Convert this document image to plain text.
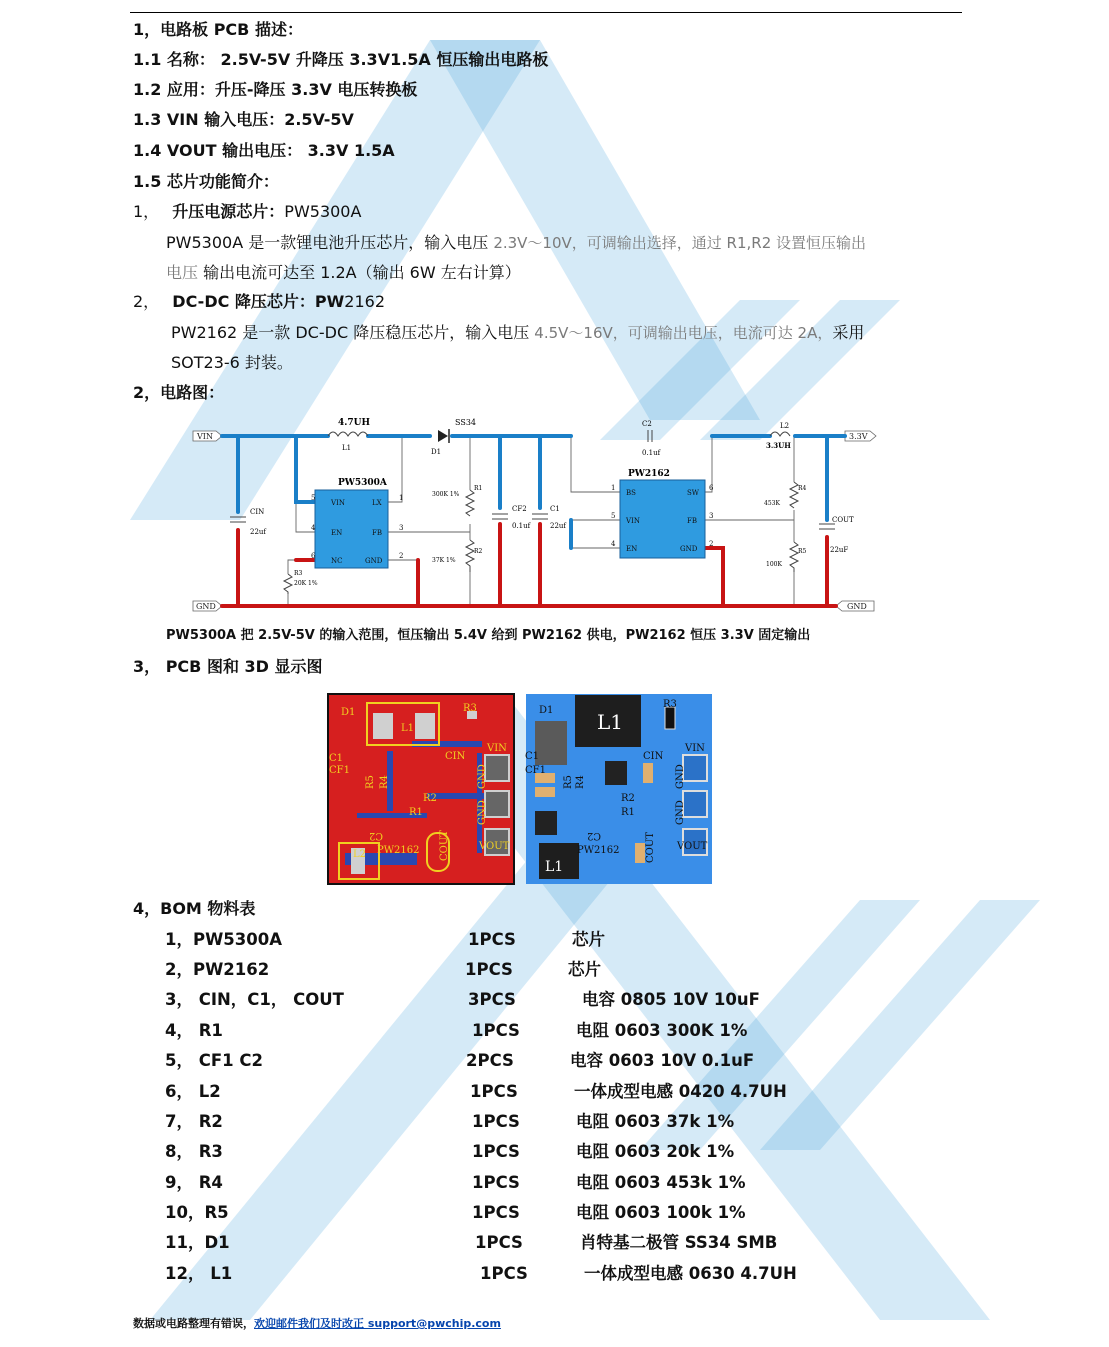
1，电路板 PCB 描述：
1.1 名称： 2.5V-5V 升降压 3.3V1.5A 恒压输出电路板
1.2 应用：升压-降压 3.3V 电压转换板
1.3 VIN 输入电压：2.5V-5V
1.4 VOUT 输出电压： 3.3V 1.5A
1.5 芯片功能简介：
1， 升压电源芯片：PW5300A
PW5300A 是一款锂电池升压芯片，输入电压 2.3V～10V，可调输出选择，通过 R1,R2 设置恒压输出
电压 输出电流可达至 1.2A（输出 6W 左右计算）
2， DC-DC 降压芯片：PW2162
PW2162 是一款 DC-DC 降压稳压芯片，输入电压 4.5V～16V，可调输出电压，电流可达 2A，采用
SOT23-6 封装。
2，电路图：
VIN
GND	GND
3.3V
4.7UH
L1
SS34
D1
C2
0.1uf
L2
3.3UH
PW5300A
VIN	LX
EN	FB
NC	GND
5	1
4	3
6	2
PW2162
BS	SW
VIN	FB
EN	GND
1	6
5	3
4	2
CIN
22uf
R1
300K 1%
R2
37K 1%
R3
20K 1%
CF2
0.1uf
C1
22uf
R4
453K
R5
100K
COUT
22uF
PW5300A 把 2.5V-5V 的输入范围，恒压输出 5.4V 给到 PW2162 供电，PW2162 恒压 3.3V 固定输出
3， PCB 图和 3D 显示图
D1
L1
R3
VIN
CIN
C1
CF1
R2
R1
L2 PW2162	VOUT
GND
GND
COUT
R5 R4
C2
D1 L1
R3
VIN
CIN
C1
CF1
R2
R1
L1
PW2162	VOUT
GND
GND
COUT
R5 R4
C2
4，BOM 物料表
1，PW5300A	1PCS	芯片
2，PW2162	1PCS	芯片
3， CIN，C1， COUT	3PCS	电容 0805 10V 10uF
4， R1	1PCS	电阻 0603 300K 1%
5， CF1 C2	2PCS	电容 0603 10V 0.1uF
6， L2	1PCS	一体成型电感 0420 4.7UH
7， R2	1PCS	电阻 0603 37k 1%
8， R3	1PCS	电阻 0603 20k 1%
9， R4	1PCS	电阻 0603 453k 1%
10，R5	1PCS	电阻 0603 100k 1%
11，D1	1PCS	肖特基二极管 SS34 SMB
12， L1	1PCS	一体成型电感 0630 4.7UH
数据或电路整理有错误，欢迎邮件我们及时改正 support@pwchip.com
